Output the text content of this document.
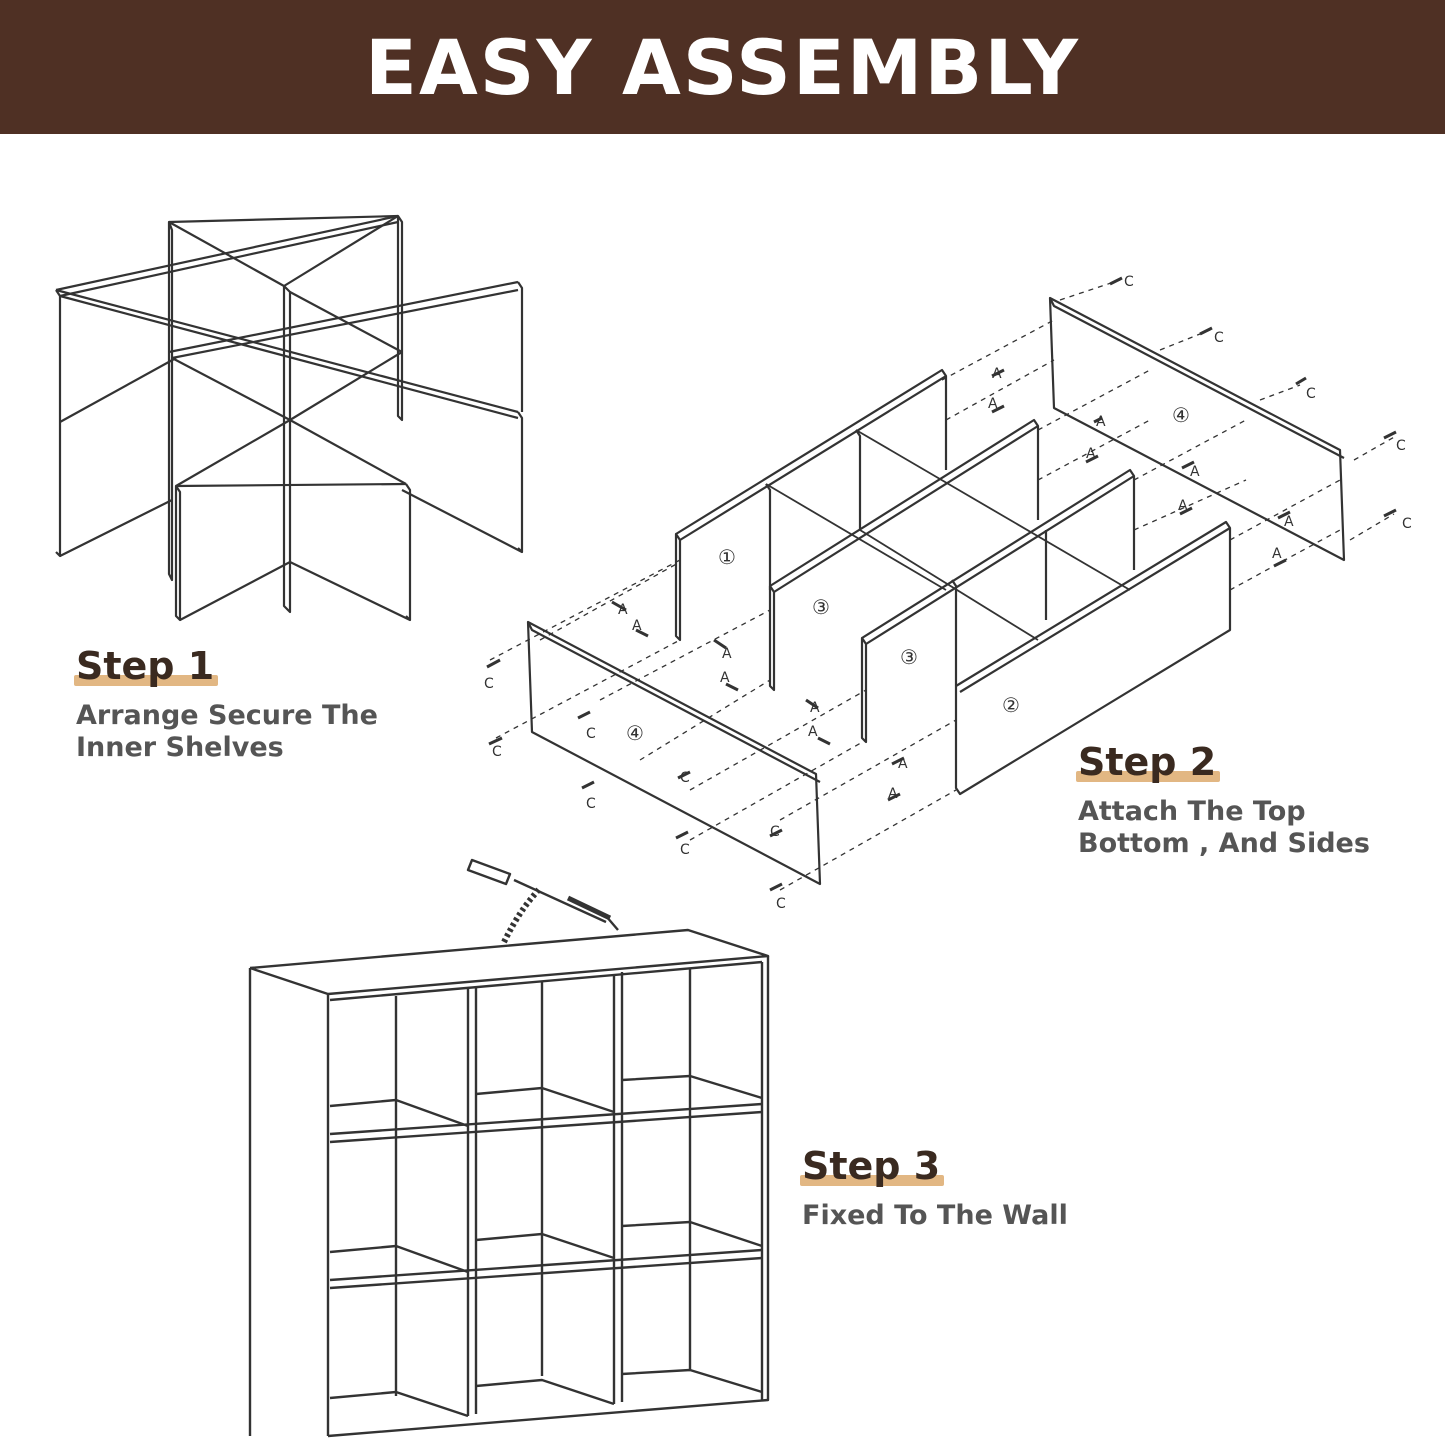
EASY ASSEMBLY
①
③
③
②
④
④
C
C
C
C
C
C
C
C
C
C
C
C
C
A
A
A
A
A
A
A
A
A
A
A
A
A
A
A
A
Step 1
Arrange Secure The
Inner Shelves	Step 2
Attach The Top
Bottom , And Sides
Step 3
Fixed To The Wall
